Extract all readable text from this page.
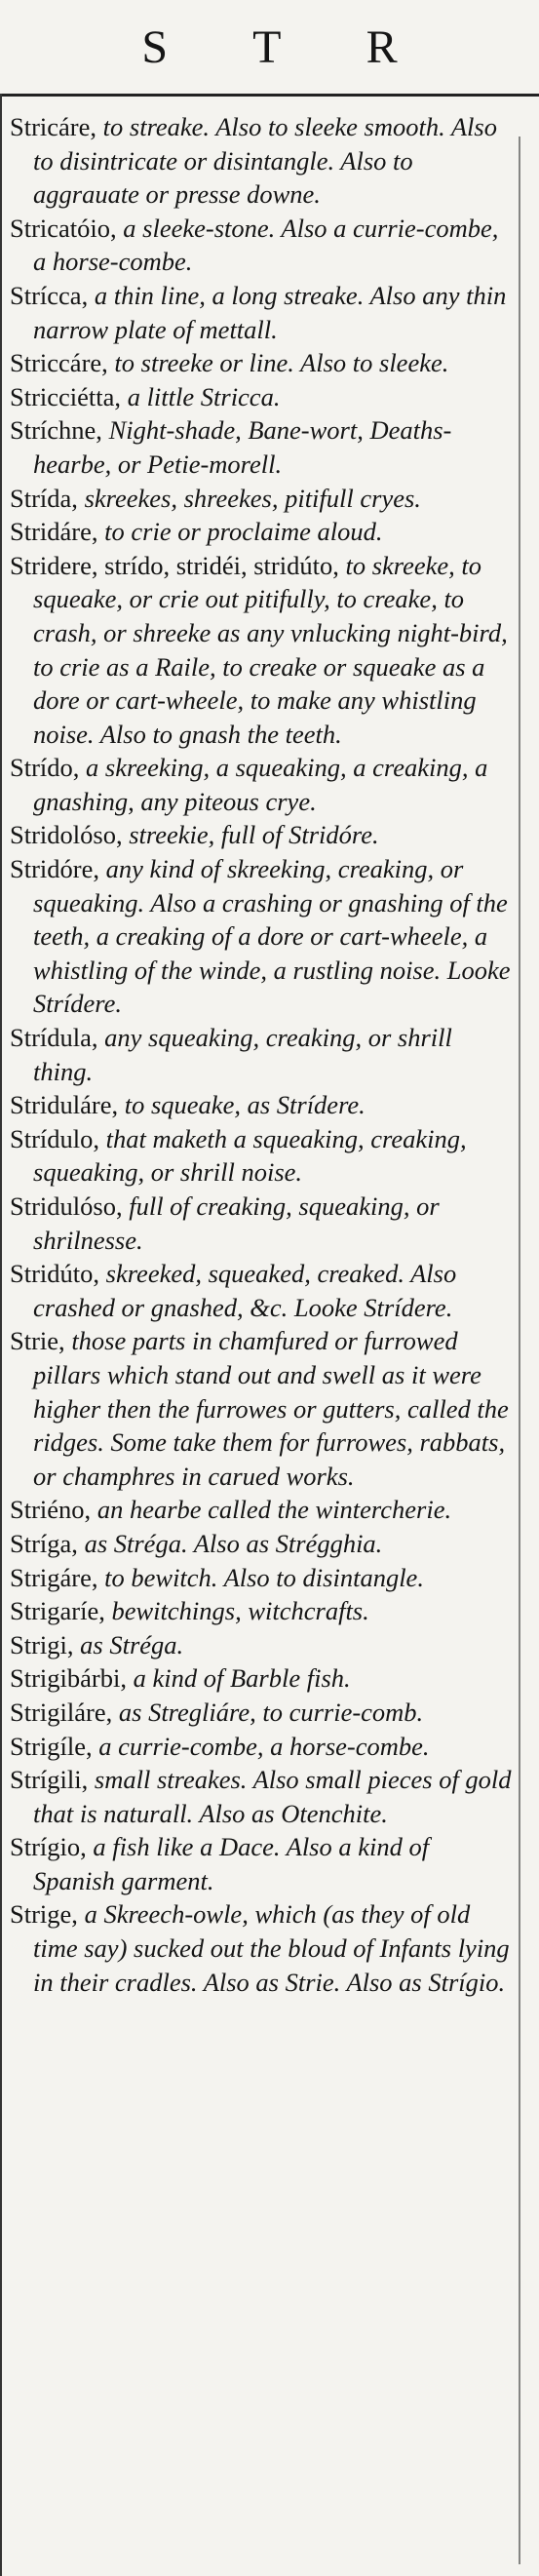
S T R

Stricáre, to streake. Also to sleeke smooth. Also to disintricate or disintangle. Also to aggrauate or presse downe.

Stricatóio, a sleeke-stone. Also a currie-combe, a horse-combe.

Strícca, a thin line, a long streake. Also any thin narrow plate of mettall.

Striccáre, to streeke or line. Also to sleeke.

Stricciétta, a little Stricca.

Stríchne, Night-shade, Bane-wort, Deaths-hearbe, or Petie-morell.

Strída, skreekes, shreekes, pitifull cryes.

Stridáre, to crie or proclaime aloud.

Stridere, strído, stridéi, stridúto, to skreeke, to squeake, or crie out pitifully, to creake, to crash, or shreeke as any vnlucking night-bird, to crie as a Raile, to creake or squeake as a dore or cart-wheele, to make any whistling noise. Also to gnash the teeth.

Strído, a skreeking, a squeaking, a creaking, a gnashing, any piteous crye.

Stridolóso, streekie, full of Stridóre.

Stridóre, any kind of skreeking, creaking, or squeaking. Also a crashing or gnashing of the teeth, a creaking of a dore or cart-wheele, a whistling of the winde, a rustling noise. Looke Strídere.

Strídula, any squeaking, creaking, or shrill thing.

Striduláre, to squeake, as Strídere.

Strídulo, that maketh a squeaking, creaking, squeaking, or shrill noise.

Stridulóso, full of creaking, squeaking, or shrilnesse.

Stridúto, skreeked, squeaked, creaked. Also crashed or gnashed, &c. Looke Strídere.

Strie, those parts in chamfured or furrowed pillars which stand out and swell as it were higher then the furrowes or gutters, called the ridges. Some take them for furrowes, rabbats, or champhres in carued works.

Striéno, an hearbe called the wintercherie.

Stríga, as Stréga. Also as Strégghia.

Strigáre, to bewitch. Also to disintangle.

Strigaríe, bewitchings, witchcrafts.

Strigi, as Stréga.

Strigibárbi, a kind of Barble fish.

Strigiláre, as Stregliáre, to currie-comb.

Strigíle, a currie-combe, a horse-combe.

Strígili, small streakes. Also small pieces of gold that is naturall. Also as Otenchite.

Strígio, a fish like a Dace. Also a kind of Spanish garment.

Strige, a Skreech-owle, which (as they of old time say) sucked out the bloud of Infants lying in their cradles. Also as Strie. Also as Strígio.
